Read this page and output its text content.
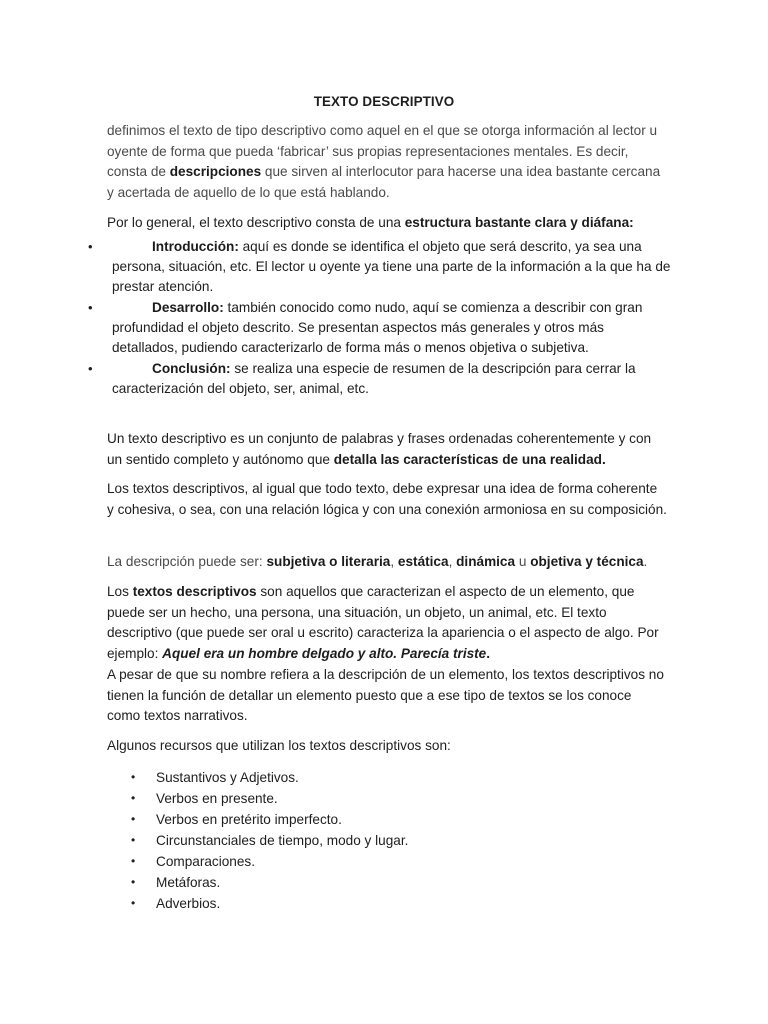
TEXTO DESCRIPTIVO
definimos el texto de tipo descriptivo como aquel en el que se otorga información al lector u oyente de forma que pueda ‘fabricar’ sus propias representaciones mentales. Es decir, consta de descripciones que sirven al interlocutor para hacerse una idea bastante cercana y acertada de aquello de lo que está hablando.
Por lo general, el texto descriptivo consta de una estructura bastante clara y diáfana:
•	Introducción: aquí es donde se identifica el objeto que será descrito, ya sea una persona, situación, etc. El lector u oyente ya tiene una parte de la información a la que ha de prestar atención.
•	Desarrollo: también conocido como nudo, aquí se comienza a describir con gran profundidad el objeto descrito. Se presentan aspectos más generales y otros más detallados, pudiendo caracterizarlo de forma más o menos objetiva o subjetiva.
•	Conclusión: se realiza una especie de resumen de la descripción para cerrar la caracterización del objeto, ser, animal, etc.
Un texto descriptivo es un conjunto de palabras y frases ordenadas coherentemente y con un sentido completo y autónomo que detalla las características de una realidad.
Los textos descriptivos, al igual que todo texto, debe expresar una idea de forma coherente y cohesiva, o sea, con una relación lógica y con una conexión armoniosa en su composición.
La descripción puede ser: subjetiva o literaria, estática, dinámica u objetiva y técnica.
Los textos descriptivos son aquellos que caracterizan el aspecto de un elemento, que puede ser un hecho, una persona, una situación, un objeto, un animal, etc. El texto descriptivo (que puede ser oral u escrito) caracteriza la apariencia o el aspecto de algo. Por ejemplo: Aquel era un hombre delgado y alto. Parecía triste.
A pesar de que su nombre refiera a la descripción de un elemento, los textos descriptivos no tienen la función de detallar un elemento puesto que a ese tipo de textos se los conoce como textos narrativos.
Algunos recursos que utilizan los textos descriptivos son:
• Sustantivos y Adjetivos.
• Verbos en presente.
• Verbos en pretérito imperfecto.
• Circunstanciales de tiempo, modo y lugar.
• Comparaciones.
• Metáforas.
• Adverbios.
